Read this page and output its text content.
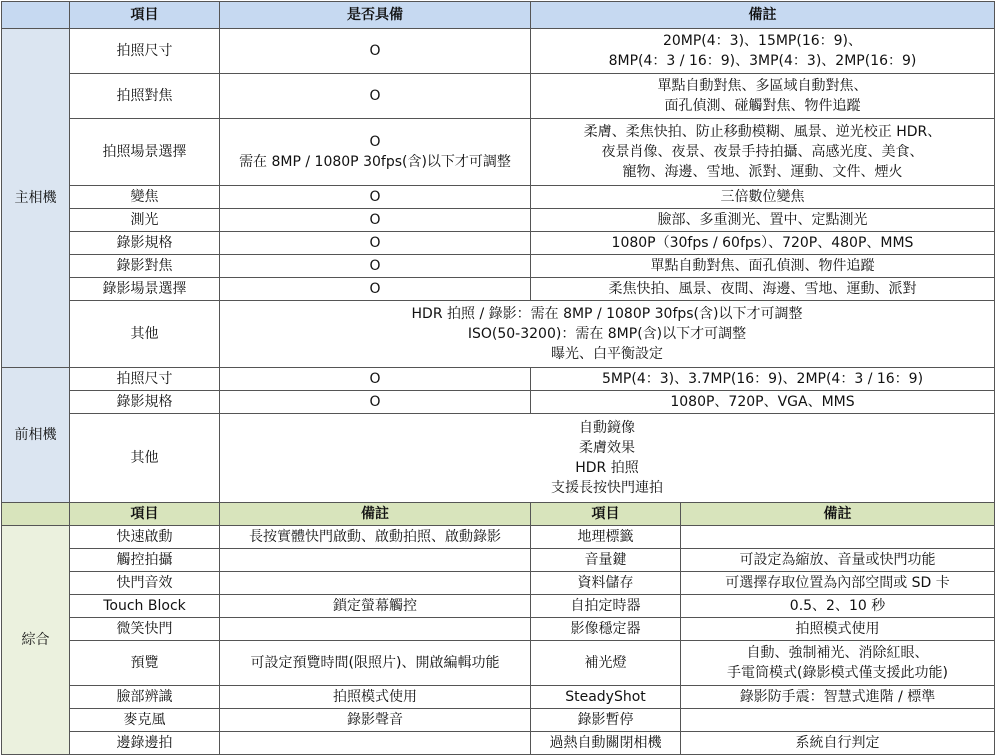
	項目	是否具備	備註	
主相機	拍照尺寸	O	20MP(4：3)、15MP(16：9)、
8MP(4：3 / 16：9)、3MP(4：3)、2MP(16：9)	

	拍照對焦	O	單點自動對焦、多區域自動對焦、
面孔偵測、碰觸對焦、物件追蹤	

	拍照場景選擇	O
需在 8MP / 1080P 30fps(含)以下才可調整	柔膚、柔焦快拍、防止移動模糊、風景、逆光校正 HDR、
夜景肖像、夜景、夜景手持拍攝、高感光度、美食、
寵物、海邊、雪地、派對、運動、文件、煙火	

	變焦	O	三倍數位變焦	

	測光	O	臉部、多重測光、置中、定點測光	

	錄影規格	O	1080P（30fps / 60fps）、720P、480P、MMS	

	錄影對焦	O	單點自動對焦、面孔偵測、物件追蹤	

	錄影場景選擇	O	柔焦快拍、風景、夜間、海邊、雪地、運動、派對	

	其他	HDR 拍照 / 錄影：需在 8MP / 1080P 30fps(含)以下才可調整
ISO(50-3200)：需在 8MP(含)以下才可調整
曝光、白平衡設定		

前相機	拍照尺寸	O	5MP(4：3)、3.7MP(16：9)、2MP(4：3 / 16：9)	

	錄影規格	O	1080P、720P、VGA、MMS	

	其他	自動鏡像
柔膚效果
HDR 拍照
支援長按快門連拍		

	項目	備註	項目	備註
綜合	快速啟動	長按實體快門啟動、啟動拍照、啟動錄影	地理標籤	

	觸控拍攝		音量鍵	可設定為縮放、音量或快門功能

	快門音效		資料儲存	可選擇存取位置為內部空間或 SD 卡

	Touch Block	鎖定螢幕觸控	自拍定時器	0.5、2、10 秒

	微笑快門		影像穩定器	拍照模式使用

	預覽	可設定預覽時間(限照片)、開啟編輯功能	補光燈	自動、強制補光、消除紅眼、
手電筒模式(錄影模式僅支援此功能)

	臉部辨識	拍照模式使用	SteadyShot	錄影防手震：智慧式進階 / 標準

	麥克風	錄影聲音	錄影暫停	

	邊錄邊拍		過熱自動關閉相機	系統自行判定
